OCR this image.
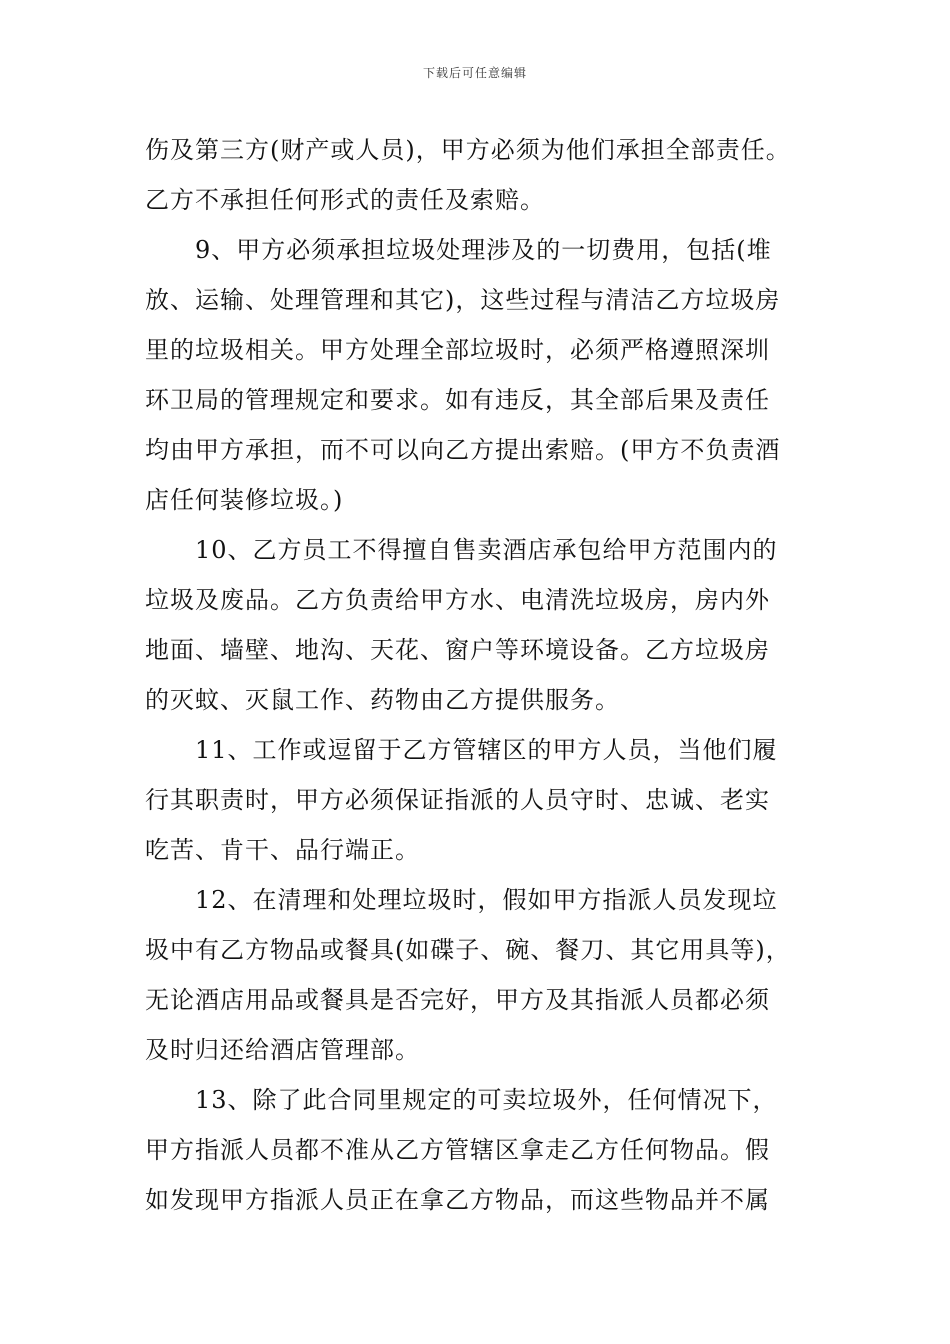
下载后可任意编辑
伤及第三方(财产或人员)，甲方必须为他们承担全部责任。
乙方不承担任何形式的责任及索赔。
9、甲方必须承担垃圾处理涉及的一切费用，包括(堆
放、运输、处理管理和其它)，这些过程与清洁乙方垃圾房
里的垃圾相关。甲方处理全部垃圾时，必须严格遵照深圳
环卫局的管理规定和要求。如有违反，其全部后果及责任
均由甲方承担，而不可以向乙方提出索赔。(甲方不负责酒
店任何装修垃圾。)
10、乙方员工不得擅自售卖酒店承包给甲方范围内的
垃圾及废品。乙方负责给甲方水、电清洗垃圾房，房内外
地面、墙壁、地沟、天花、窗户等环境设备。乙方垃圾房
的灭蚊、灭鼠工作、药物由乙方提供服务。
11、工作或逗留于乙方管辖区的甲方人员，当他们履
行其职责时，甲方必须保证指派的人员守时、忠诚、老实
吃苦、肯干、品行端正。
12、在清理和处理垃圾时，假如甲方指派人员发现垃
圾中有乙方物品或餐具(如碟子、碗、餐刀、其它用具等)，
无论酒店用品或餐具是否完好，甲方及其指派人员都必须
及时归还给酒店管理部。
13、除了此合同里规定的可卖垃圾外，任何情况下，
甲方指派人员都不准从乙方管辖区拿走乙方任何物品。假
如发现甲方指派人员正在拿乙方物品，而这些物品并不属
